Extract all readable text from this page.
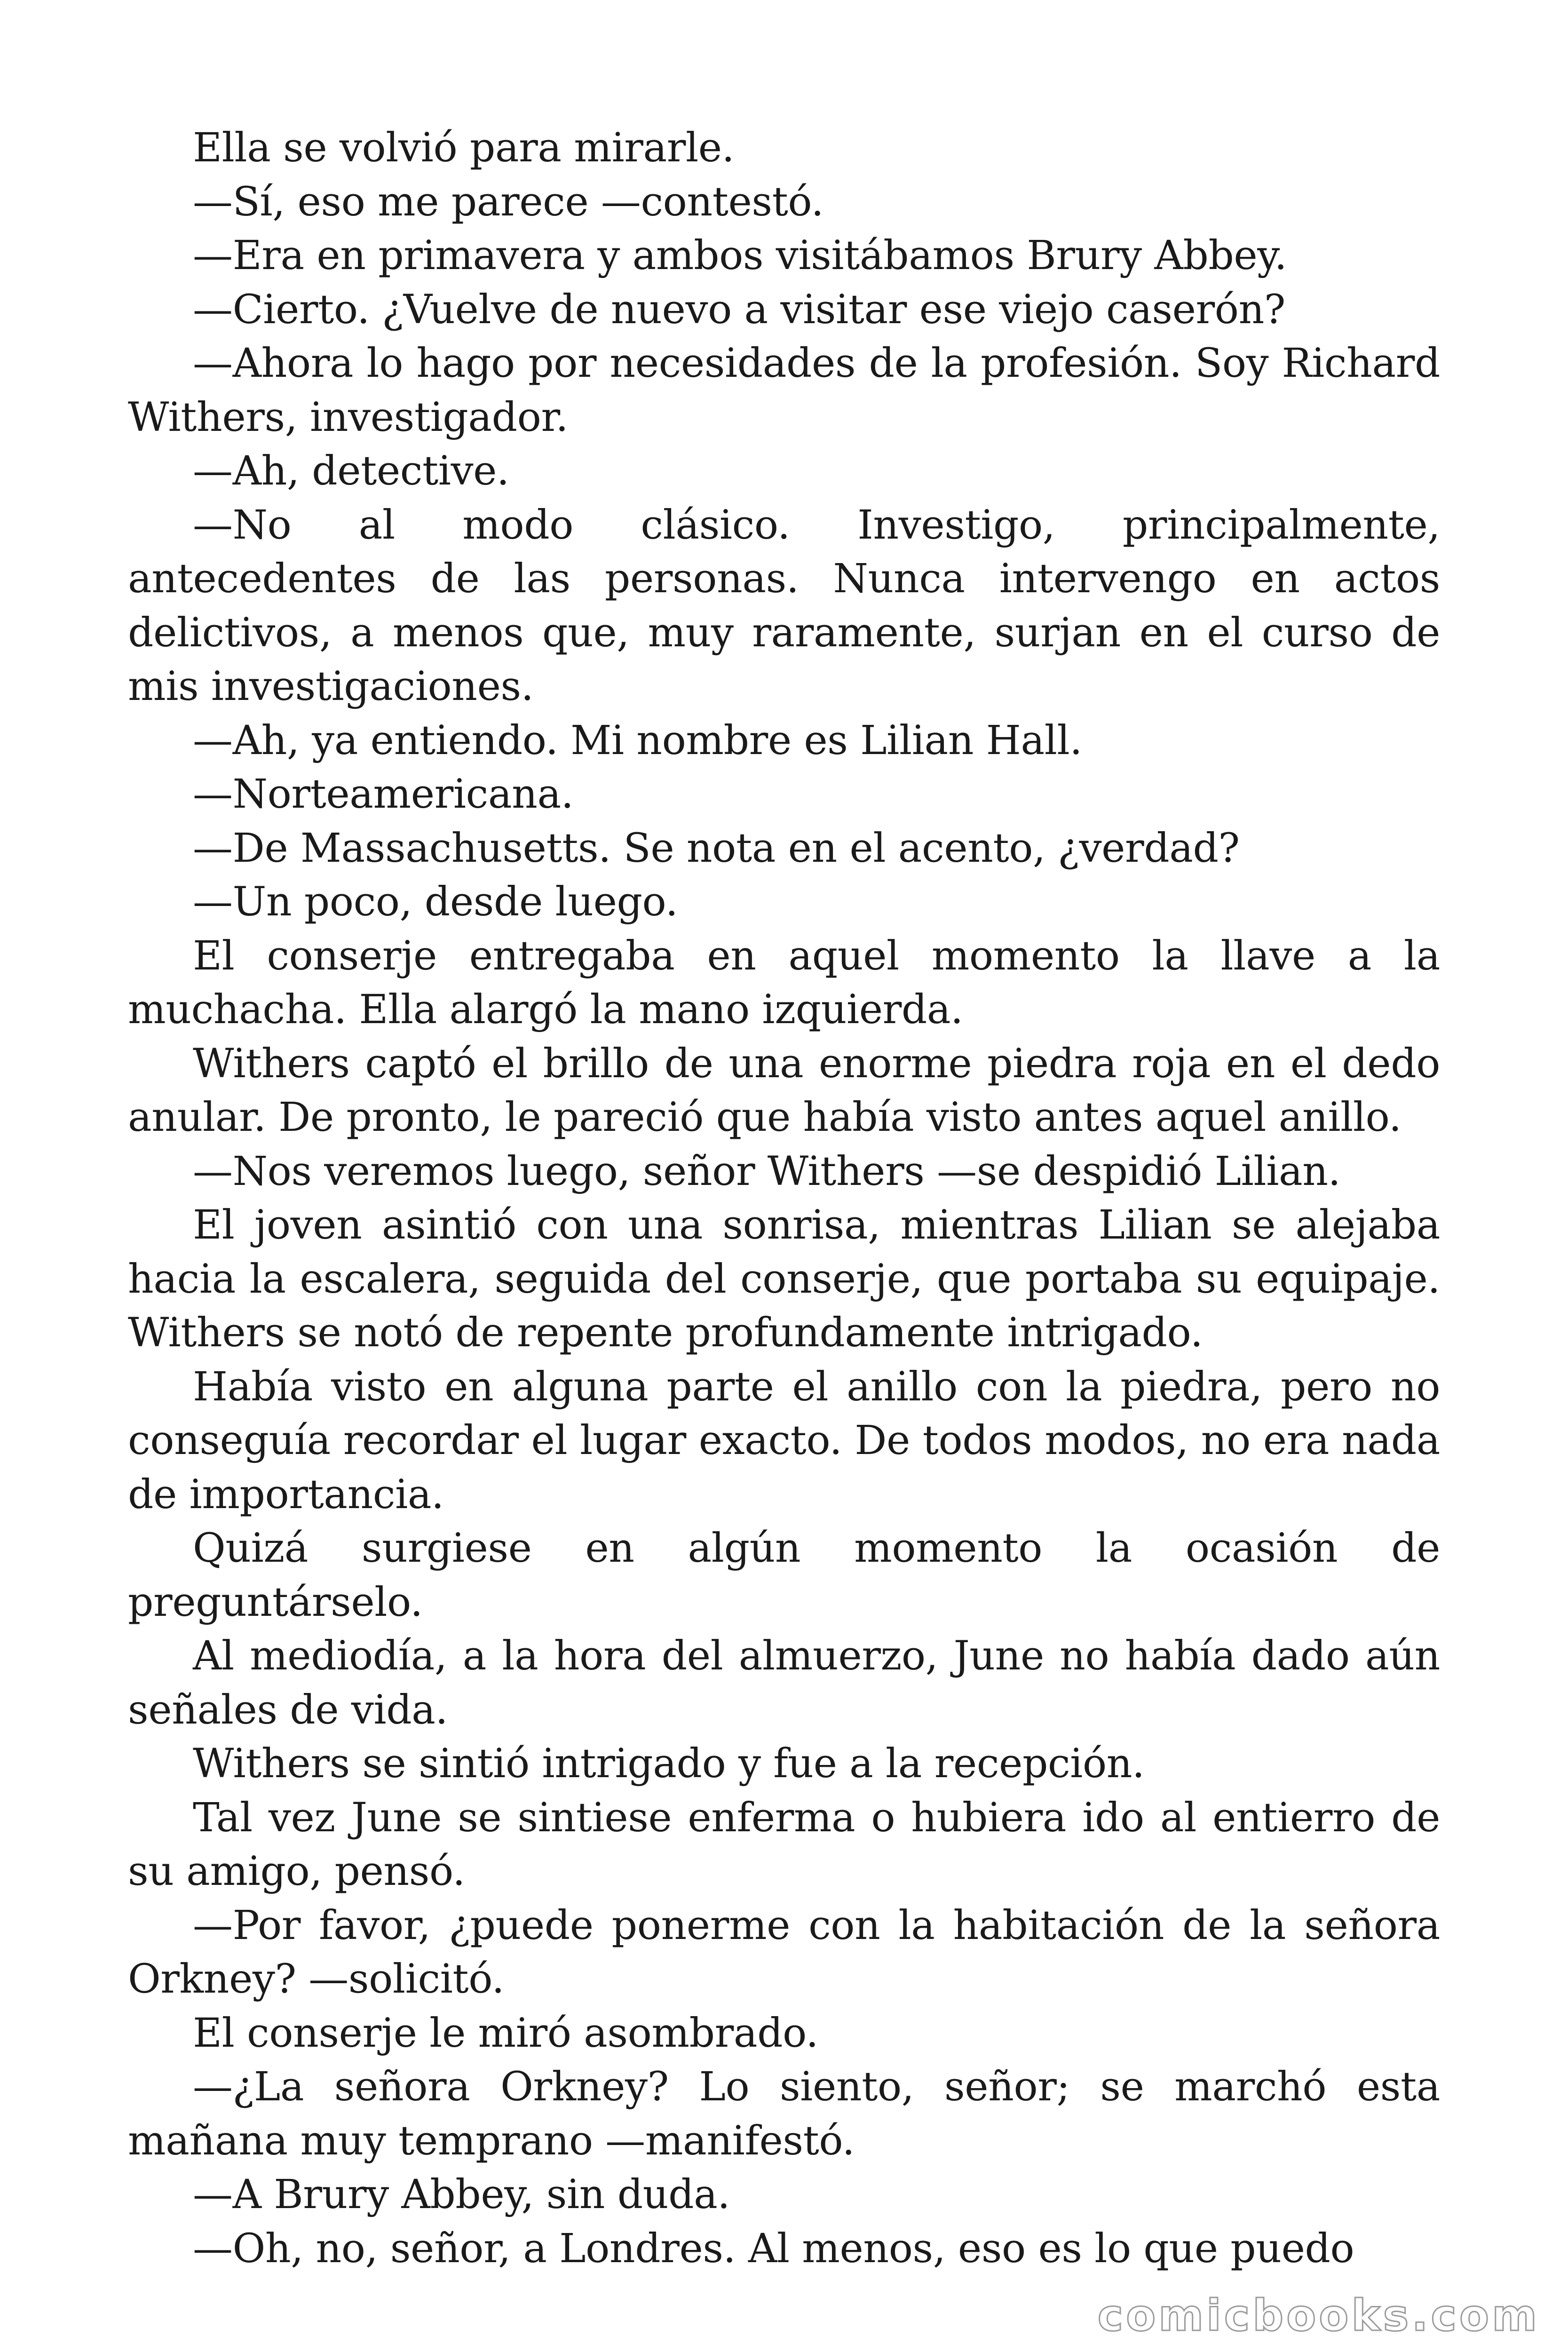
Ella se volvió para mirarle.

—Sí, eso me parece —contestó.

—Era en primavera y ambos visitábamos Brury Abbey.

—Cierto. ¿Vuelve de nuevo a visitar ese viejo caserón?

—Ahora lo hago por necesidades de la profesión. Soy Richard Withers, investigador.

—Ah, detective.

—No al modo clásico. Investigo, principalmente, antecedentes de las personas. Nunca intervengo en actos delictivos, a menos que, muy raramente, surjan en el curso de mis investigaciones.

—Ah, ya entiendo. Mi nombre es Lilian Hall.

—Norteamericana.

—De Massachusetts. Se nota en el acento, ¿verdad?

—Un poco, desde luego.

El conserje entregaba en aquel momento la llave a la muchacha. Ella alargó la mano izquierda.

Withers captó el brillo de una enorme piedra roja en el dedo anular. De pronto, le pareció que había visto antes aquel anillo.

—Nos veremos luego, señor Withers —se despidió Lilian.

El joven asintió con una sonrisa, mientras Lilian se alejaba hacia la escalera, seguida del conserje, que portaba su equipaje. Withers se notó de repente profundamente intrigado.

Había visto en alguna parte el anillo con la piedra, pero no conseguía recordar el lugar exacto. De todos modos, no era nada de importancia.

Quizá surgiese en algún momento la ocasión de preguntárselo.

Al mediodía, a la hora del almuerzo, June no había dado aún señales de vida.

Withers se sintió intrigado y fue a la recepción.

Tal vez June se sintiese enferma o hubiera ido al entierro de su amigo, pensó.

—Por favor, ¿puede ponerme con la habitación de la señora Orkney? —solicitó.

El conserje le miró asombrado.

—¿La señora Orkney? Lo siento, señor; se marchó esta mañana muy temprano —manifestó.

—A Brury Abbey, sin duda.

—Oh, no, señor, a Londres. Al menos, eso es lo que puedo

comicbooks.com
